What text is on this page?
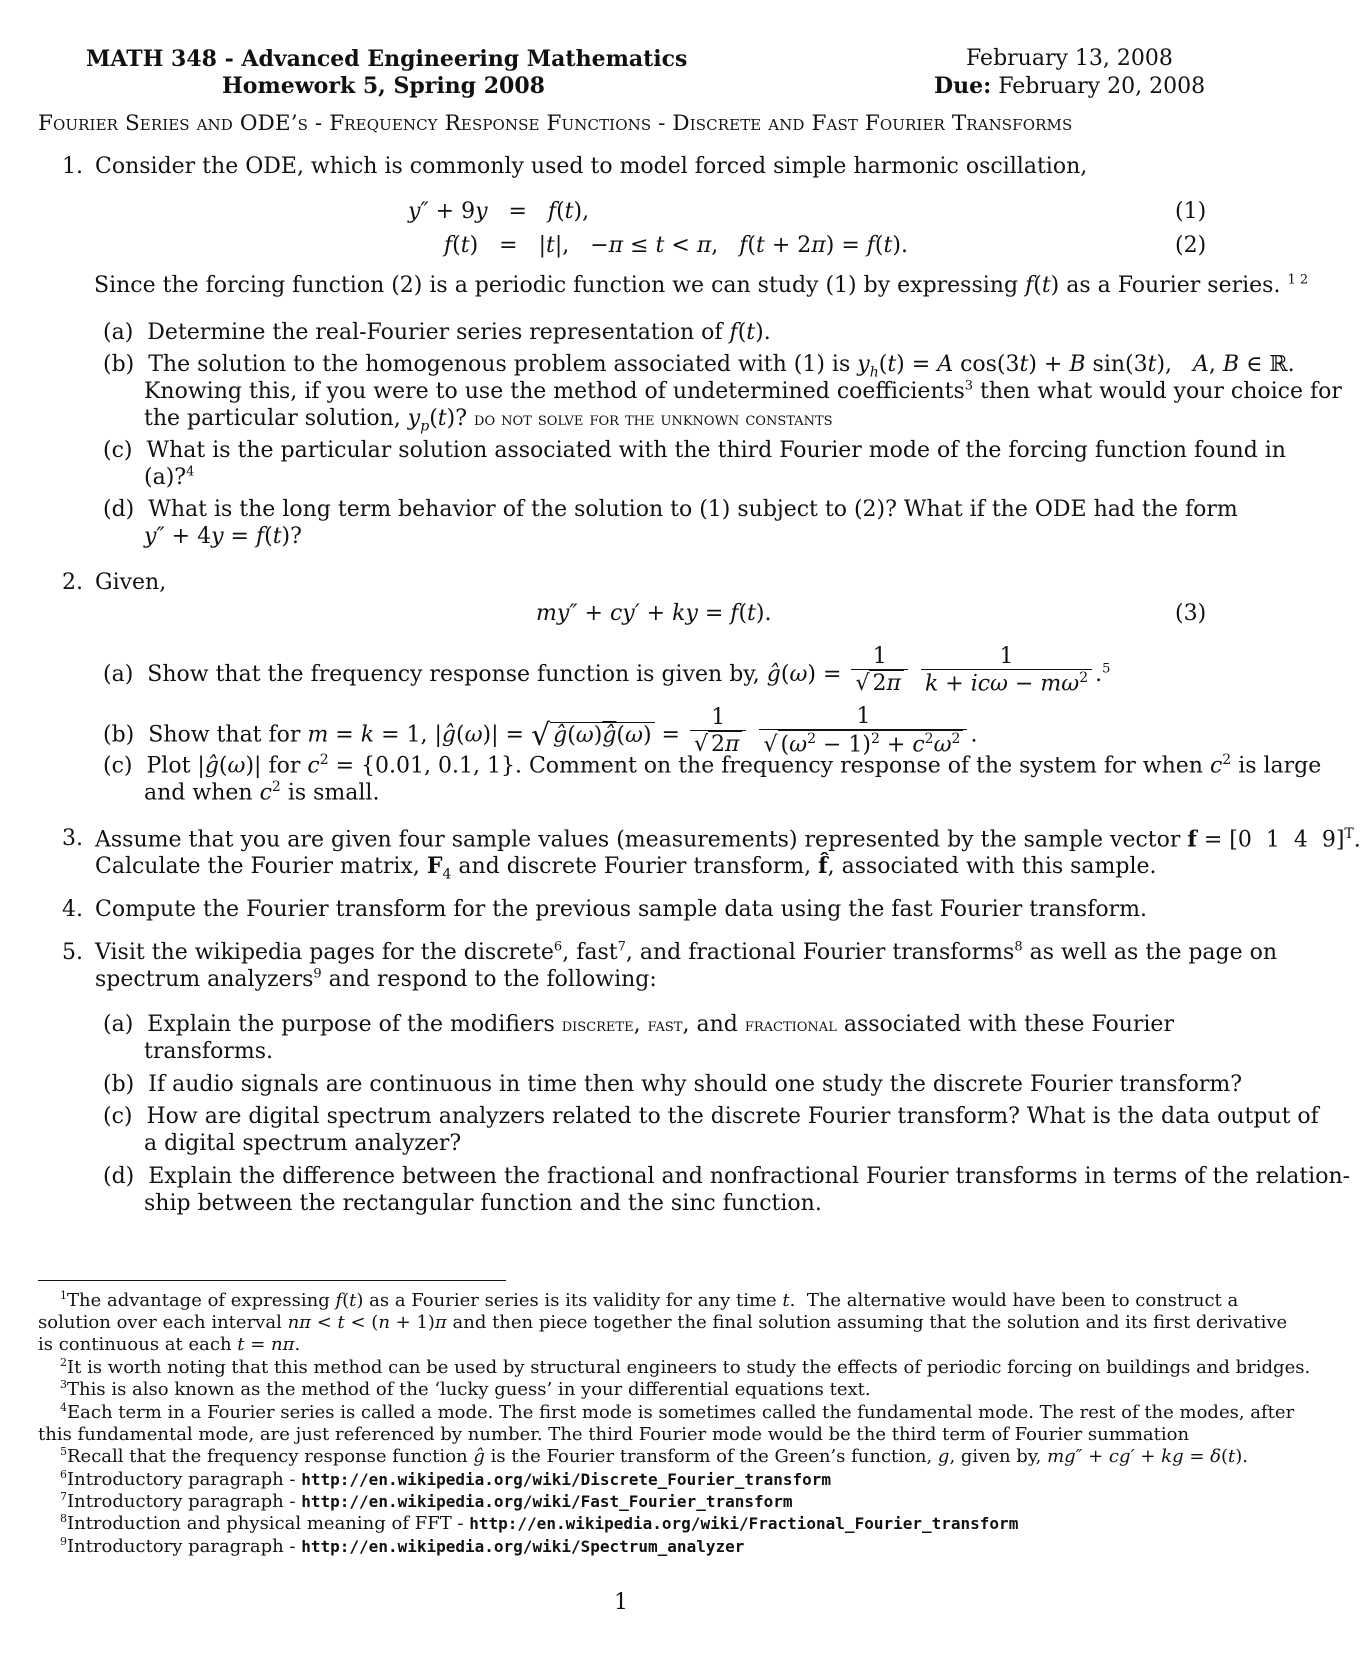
MATH 348 - Advanced Engineering Mathematics
Homework 5, Spring 2008
February 13, 2008
Due: February 20, 2008
Fourier Series and ODE’s - Frequency Response Functions - Discrete and Fast Fourier Transforms
1. Consider the ODE, which is commonly used to model forced simple harmonic oscillation,
y″ + 9y   =   f(t),	(1)
f(t)   =   |t|,   −π ≤ t < π,   f(t + 2π) = f(t).	(2)
Since the forcing function (2) is a periodic function we can study (1) by expressing f(t) as a Fourier series. $^{1 2}$
(a)  Determine the real-Fourier series representation of f(t).
(b)  The solution to the homogenous problem associated with (1) is $y_h(t) = A$ cos(3t) + B sin(3t),   A, B ∈ ℝ.
Knowing this, if you were to use the method of undetermined coefficients$^3$ then what would your choice for
the particular solution, $y_p(t)$? do not solve for the unknown constants
(c)  What is the particular solution associated with the third Fourier mode of the forcing function found in
(a)?$^4$
(d)  What is the long term behavior of the solution to (1) subject to (2)? What if the ODE had the form
y″ + 4y = f(t)?
2. Given,
my″ + cy′ + ky = f(t).	(3)
(a)  Show that the frequency response function is given by, ĝ(ω) = $\frac{1}{√ 2\pi}$
$\frac{1}{k + ic\omega - m\omega^2} .^5$
(b)  Show that for m = k = 1, |ĝ(ω)| = √ $ĝ(\omega)\overline{ĝ}(\omega) = \frac{1}{√ 2\pi}$
$\frac{1}{√ (\omega^2 - 1)^2 + c^2\omega^2}$ .
(c)  Plot |ĝ(ω)| for $c^2 = \{0.01$, 0.1, 1}. Comment on the frequency response of the system for when $c^2$ is large
and when $c^2$ is small.
3. Assume that you are given four sample values (measurements) represented by the sample vector f = [0  1  4  9]$^T$.
Calculate the Fourier matrix, $F_4$ and discrete Fourier transform, f̂, associated with this sample.
4. Compute the Fourier transform for the previous sample data using the fast Fourier transform.
5. Visit the wikipedia pages for the discrete$^6$, fast$^7$, and fractional Fourier transforms$^8$ as well as the page on
spectrum analyzers$^9$ and respond to the following:
(a)  Explain the purpose of the modifiers discrete, fast, and fractional associated with these Fourier
transforms.
(b)  If audio signals are continuous in time then why should one study the discrete Fourier transform?
(c)  How are digital spectrum analyzers related to the discrete Fourier transform? What is the data output of
a digital spectrum analyzer?
(d)  Explain the difference between the fractional and nonfractional Fourier transforms in terms of the relation-
ship between the rectangular function and the sinc function.
$^1$The advantage of expressing f(t) as a Fourier series is its validity for any time t.  The alternative would have been to construct a
solution over each interval nπ < t < (n + 1)π and then piece together the final solution assuming that the solution and its first derivative
is continuous at each t = nπ.
$^2$It is worth noting that this method can be used by structural engineers to study the effects of periodic forcing on buildings and bridges.
$^3$This is also known as the method of the ‘lucky guess’ in your differential equations text.
$^4$Each term in a Fourier series is called a mode. The first mode is sometimes called the fundamental mode. The rest of the modes, after
this fundamental mode, are just referenced by number. The third Fourier mode would be the third term of Fourier summation
$^5$Recall that the frequency response function ĝ is the Fourier transform of the Green’s function, g, given by, mg″ + cg′ + kg = δ(t).
$^6$Introductory paragraph - http://en.wikipedia.org/wiki/Discrete_Fourier_transform
$^7$Introductory paragraph - http://en.wikipedia.org/wiki/Fast_Fourier_transform
$^8$Introduction and physical meaning of FFT - http://en.wikipedia.org/wiki/Fractional_Fourier_transform
$^9$Introductory paragraph - http://en.wikipedia.org/wiki/Spectrum_analyzer
1
